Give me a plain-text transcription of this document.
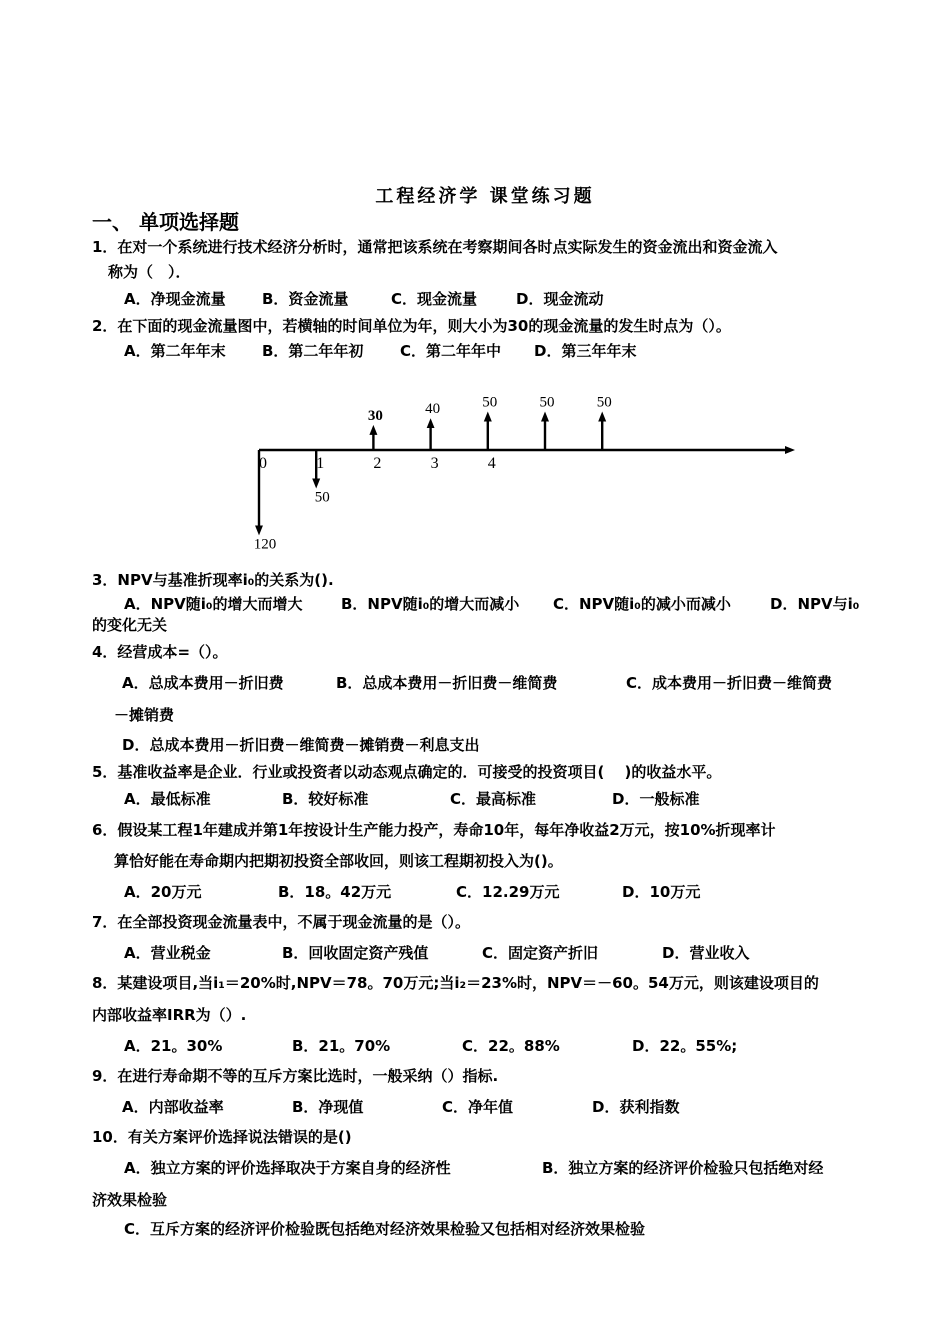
工程经济学 课堂练习题
一、 单项选择题
1．在对一个系统进行技术经济分析时，通常把该系统在考察期间各时点实际发生的资金流出和资金流入
称为（　）．
A．净现金流量 B．资金流量	C．现金流量	D．现金流动
2．在下面的现金流量图中，若横轴的时间单位为年，则大小为30的现金流量的发生时点为（）。
A．第二年年末 B．第二年年初 C．第二年年中 D．第三年年末
0	1	2	3	4
120
50
30	40	50	50	50
3．NPV与基准折现率i₀的关系为().
A．NPV随i₀的增大而增大	B．NPV随i₀的增大而减小 C．NPV随i₀的减小而减小	D．NPV与i₀
的变化无关
4．经营成本=（）。
A．总成本费用－折旧费	B．总成本费用－折旧费－维简费	C．成本费用－折旧费－维简费
－摊销费
D．总成本费用－折旧费－维简费－摊销费－利息支出
5．基准收益率是企业．行业或投资者以动态观点确定的．可接受的投资项目(　 )的收益水平。
A．最低标准	B．较好标准	C．最高标准	D．一般标准
6．假设某工程1年建成并第1年按设计生产能力投产，寿命10年，每年净收益2万元，按10%折现率计
算恰好能在寿命期内把期初投资全部收回，则该工程期初投入为()。
A．20万元	B．18。42万元	C．12.29万元	D．10万元
7．在全部投资现金流量表中，不属于现金流量的是（）。
A．营业税金	B．回收固定资产残值	C．固定资产折旧	D．营业收入
8．某建设项目,当i₁＝20%时,NPV＝78。70万元;当i₂＝23%时，NPV＝－60。54万元，则该建设项目的
内部收益率IRR为（）.
A．21。30%	B．21。70%	C．22。88%	D．22。55%;
9．在进行寿命期不等的互斥方案比选时，一般采纳（）指标.
A．内部收益率	B．净现值	C．净年值	D．获利指数
10．有关方案评价选择说法错误的是()
A．独立方案的评价选择取决于方案自身的经济性	B．独立方案的经济评价检验只包括绝对经
济效果检验
C．互斥方案的经济评价检验既包括绝对经济效果检验又包括相对经济效果检验
